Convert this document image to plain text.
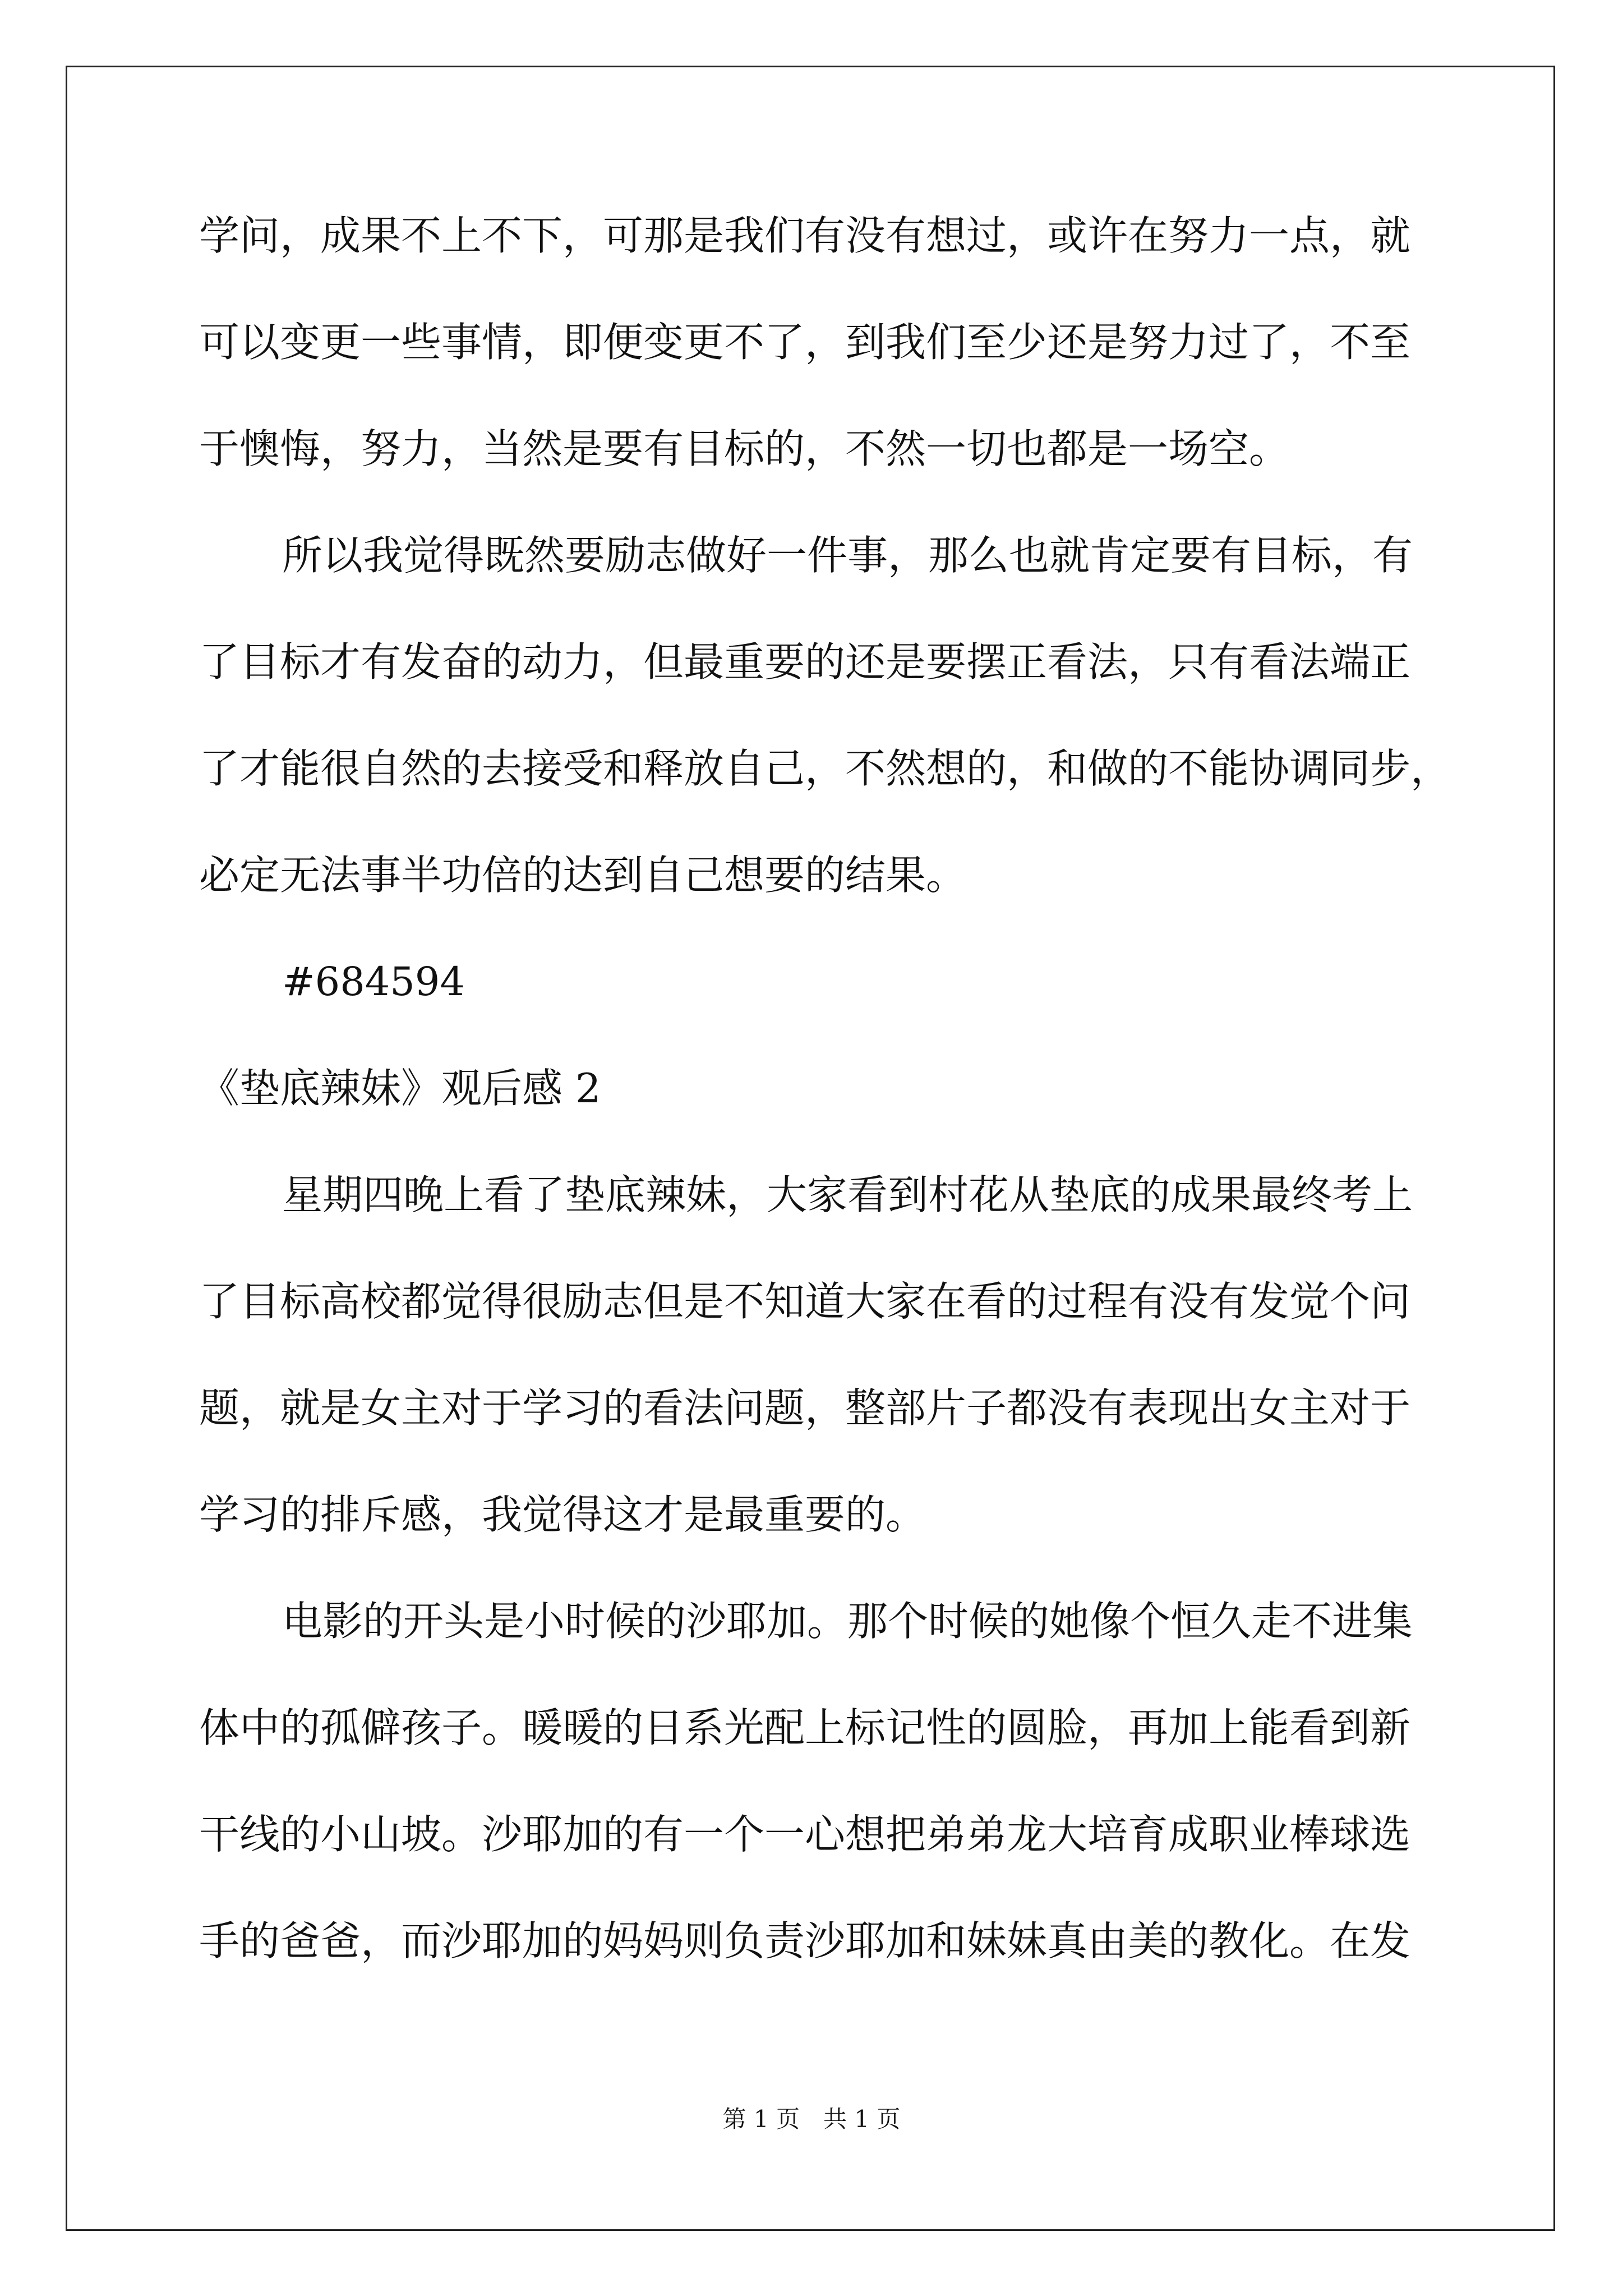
学问，成果不上不下，可那是我们有没有想过，或许在努力一点，就
可以变更一些事情，即便变更不了，到我们至少还是努力过了，不至
于懊悔，努力，当然是要有目标的，不然一切也都是一场空。
所以我觉得既然要励志做好一件事，那么也就肯定要有目标，有
了目标才有发奋的动力，但最重要的还是要摆正看法，只有看法端正
了才能很自然的去接受和释放自己，不然想的，和做的不能协调同步，
必定无法事半功倍的达到自己想要的结果。
#684594
《垫底辣妹》观后感 2
星期四晚上看了垫底辣妹，大家看到村花从垫底的成果最终考上
了目标高校都觉得很励志但是不知道大家在看的过程有没有发觉个问
题，就是女主对于学习的看法问题，整部片子都没有表现出女主对于
学习的排斥感，我觉得这才是最重要的。
电影的开头是小时候的沙耶加。那个时候的她像个恒久走不进集
体中的孤僻孩子。暖暖的日系光配上标记性的圆脸，再加上能看到新
干线的小山坡。沙耶加的有一个一心想把弟弟龙大培育成职业棒球选
手的爸爸，而沙耶加的妈妈则负责沙耶加和妹妹真由美的教化。在发
第 1 页　共 1 页
